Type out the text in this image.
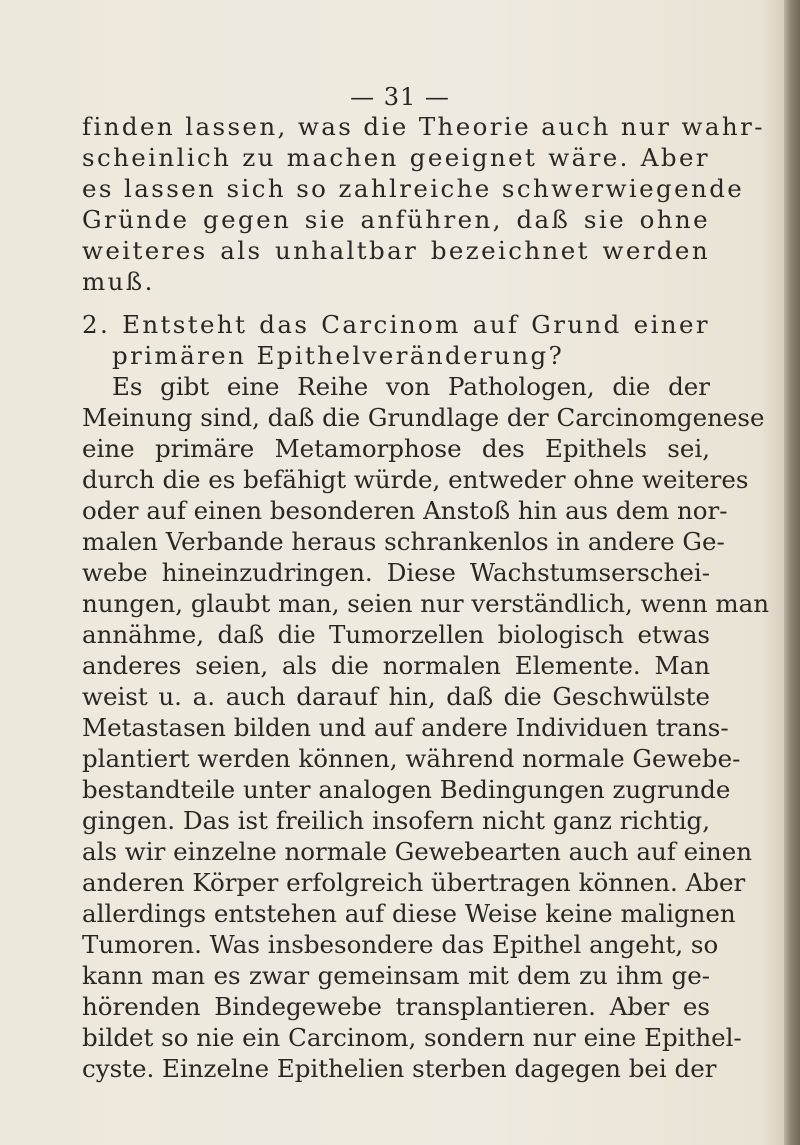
— 31 —
finden lassen, was die Theorie auch nur wahr-
scheinlich zu machen geeignet wäre. Aber
es lassen sich so zahlreiche schwerwiegende
Gründe gegen sie anführen, daß sie ohne
weiteres als unhaltbar bezeichnet werden
muß.
2. Entsteht das Carcinom auf Grund einer
primären Epithelveränderung?
Es gibt eine Reihe von Pathologen, die der
Meinung sind, daß die Grundlage der Carcinomgenese
eine primäre Metamorphose des Epithels sei,
durch die es befähigt würde, entweder ohne weiteres
oder auf einen besonderen Anstoß hin aus dem nor-
malen Verbande heraus schrankenlos in andere Ge-
webe hineinzudringen. Diese Wachstumserschei-
nungen, glaubt man, seien nur verständlich, wenn man
annähme, daß die Tumorzellen biologisch etwas
anderes seien, als die normalen Elemente. Man
weist u. a. auch darauf hin, daß die Geschwülste
Metastasen bilden und auf andere Individuen trans-
plantiert werden können, während normale Gewebe-
bestandteile unter analogen Bedingungen zugrunde
gingen. Das ist freilich insofern nicht ganz richtig,
als wir einzelne normale Gewebearten auch auf einen
anderen Körper erfolgreich übertragen können. Aber
allerdings entstehen auf diese Weise keine malignen
Tumoren. Was insbesondere das Epithel angeht, so
kann man es zwar gemeinsam mit dem zu ihm ge-
hörenden Bindegewebe transplantieren. Aber es
bildet so nie ein Carcinom, sondern nur eine Epithel-
cyste. Einzelne Epithelien sterben dagegen bei der
